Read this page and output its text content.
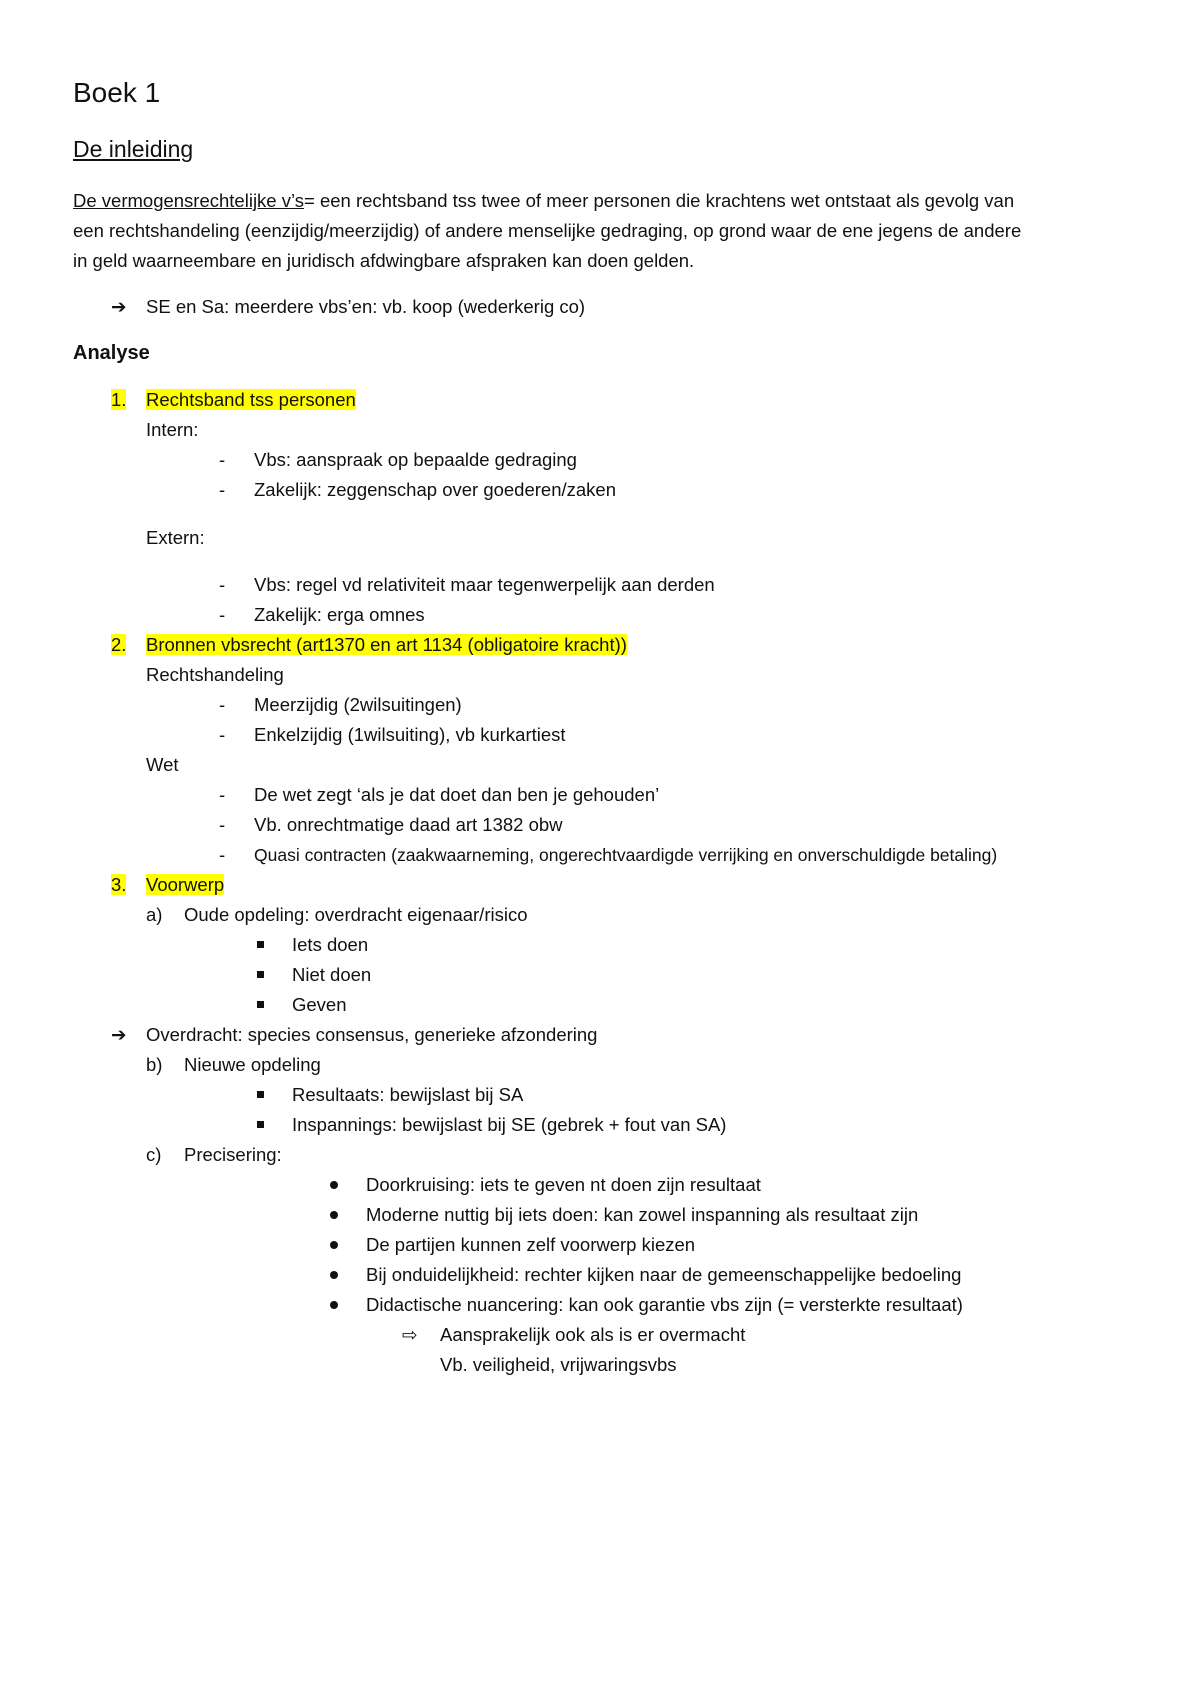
Boek 1
De inleiding
De vermogensrechtelijke v’s= een rechtsband tss twee of meer personen die krachtens wet ontstaat als gevolg van
een rechtshandeling (eenzijdig/meerzijdig) of andere menselijke gedraging, op grond waar de ene jegens de andere
in geld waarneembare en juridisch afdwingbare afspraken kan doen gelden.
➔ SE en Sa: meerdere vbs’en: vb. koop (wederkerig co)
Analyse
1. Rechtsband tss personen
Intern:
- Vbs: aanspraak op bepaalde gedraging
- Zakelijk: zeggenschap over goederen/zaken
Extern:
- Vbs: regel vd relativiteit maar tegenwerpelijk aan derden
- Zakelijk: erga omnes
2. Bronnen vbsrecht (art1370 en art 1134 (obligatoire kracht))
Rechtshandeling
- Meerzijdig (2wilsuitingen)
- Enkelzijdig (1wilsuiting), vb kurkartiest
Wet
- De wet zegt ‘als je dat doet dan ben je gehouden’
- Vb. onrechtmatige daad art 1382 obw
- Quasi contracten (zaakwaarneming, ongerechtvaardigde verrijking en onverschuldigde betaling)
3. Voorwerp
a) Oude opdeling: overdracht eigenaar/risico
Iets doen
Niet doen
Geven
➔ Overdracht: species consensus, generieke afzondering
b) Nieuwe opdeling
Resultaats: bewijslast bij SA
Inspannings: bewijslast bij SE (gebrek + fout van SA)
c) Precisering:
Doorkruising: iets te geven nt doen zijn resultaat
Moderne nuttig bij iets doen: kan zowel inspanning als resultaat zijn
De partijen kunnen zelf voorwerp kiezen
Bij onduidelijkheid: rechter kijken naar de gemeenschappelijke bedoeling
Didactische nuancering: kan ook garantie vbs zijn (= versterkte resultaat)
⇨ Aansprakelijk ook als is er overmacht
Vb. veiligheid, vrijwaringsvbs
